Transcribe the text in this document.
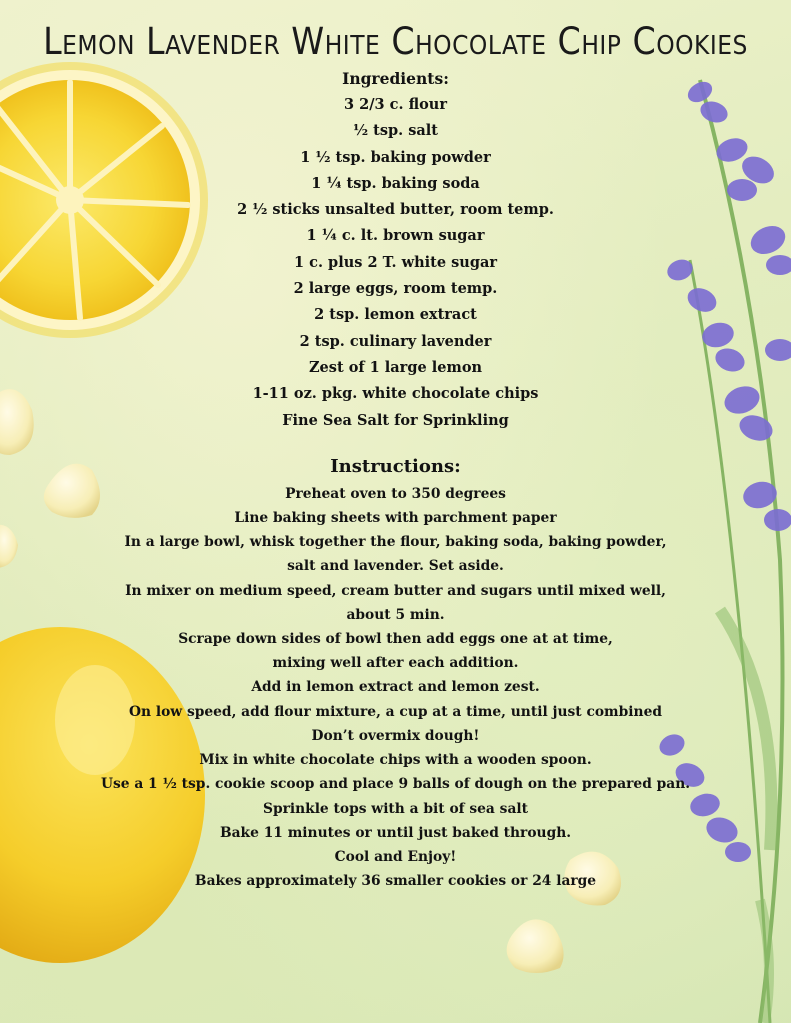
Lemon Lavender White Chocolate Chip Cookies
Ingredients:
3 2/3 c. flour
½ tsp. salt
1 ½ tsp. baking powder
1 ¼ tsp. baking soda
2 ½ sticks unsalted butter, room temp.
1 ¼ c. lt. brown sugar
1 c. plus 2 T. white sugar
2 large eggs, room temp.
2 tsp. lemon extract
2 tsp. culinary lavender
Zest of 1 large lemon
1-11 oz. pkg. white chocolate chips
Fine Sea Salt for Sprinkling
Instructions:
Preheat oven to 350 degrees
Line baking sheets with parchment paper
In a large bowl, whisk together the flour, baking soda, baking powder,
salt and lavender. Set aside.
In mixer on medium speed, cream butter and sugars until mixed well,
about 5 min.
Scrape down sides of bowl then add eggs one at at time,
mixing well after each addition.
Add in lemon extract and lemon zest.
On low speed, add flour mixture, a cup at a time, until just combined
Don’t overmix dough!
Mix in white chocolate chips with a wooden spoon.
Use a 1 ½ tsp. cookie scoop and place 9 balls of dough on the prepared pan.
Sprinkle tops with a bit of sea salt
Bake 11 minutes or until just baked through.
Cool and Enjoy!
Bakes approximately 36 smaller cookies or 24 large
